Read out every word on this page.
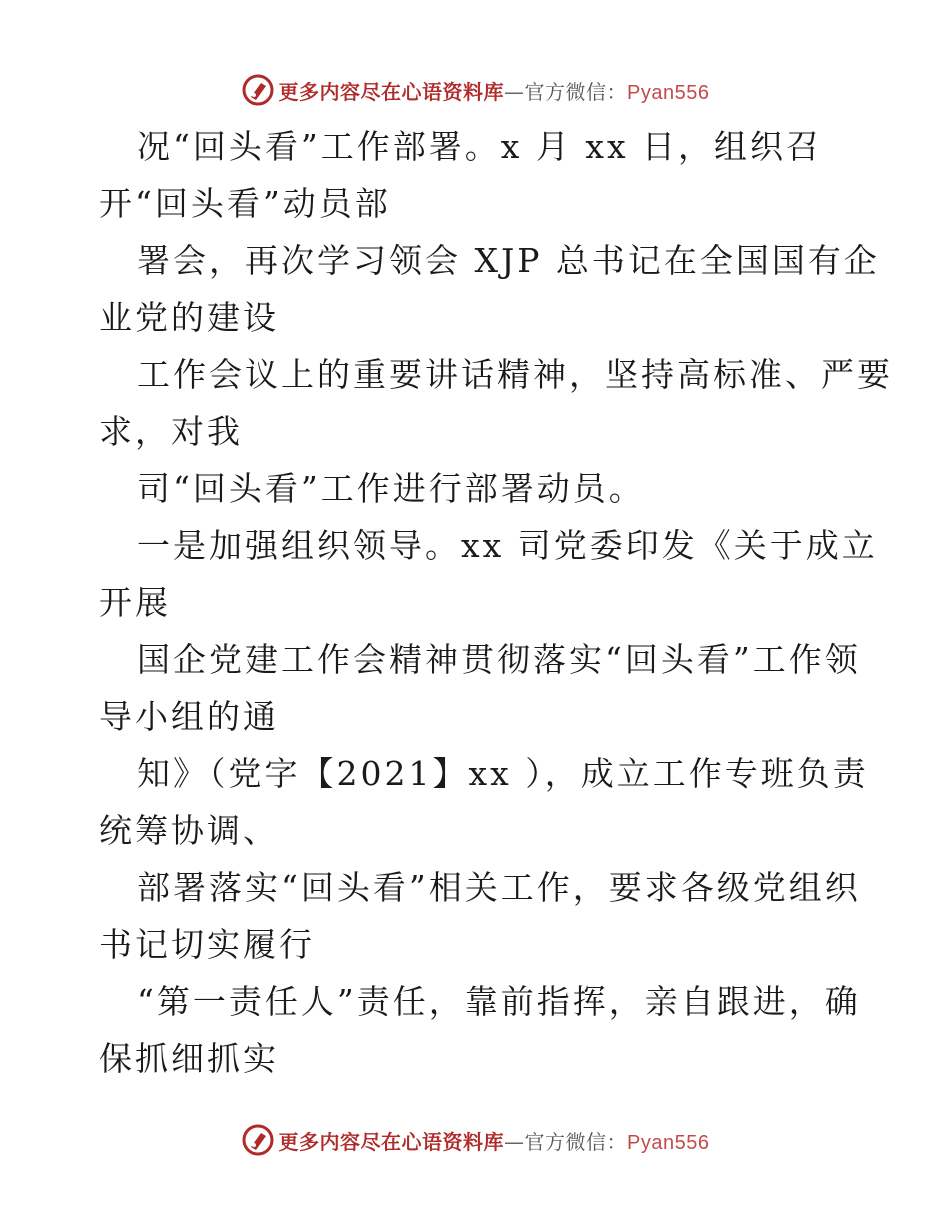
更多内容尽在心语资料库—官方微信：Pyan556
况“回头看”工作部署。x 月 xx 日，组织召
开“回头看”动员部
署会，再次学习领会 XJP 总书记在全国国有企
业党的建设
工作会议上的重要讲话精神，坚持高标准、严要
求，对我
司“回头看”工作进行部署动员。
一是加强组织领导。xx 司党委印发《关于成立
开展
国企党建工作会精神贯彻落实“回头看”工作领
导小组的通
知》（党字【2021】xx ），成立工作专班负责
统筹协调、
部署落实“回头看”相关工作，要求各级党组织
书记切实履行
“第一责任人”责任，靠前指挥，亲自跟进，确
保抓细抓实
更多内容尽在心语资料库—官方微信：Pyan556
